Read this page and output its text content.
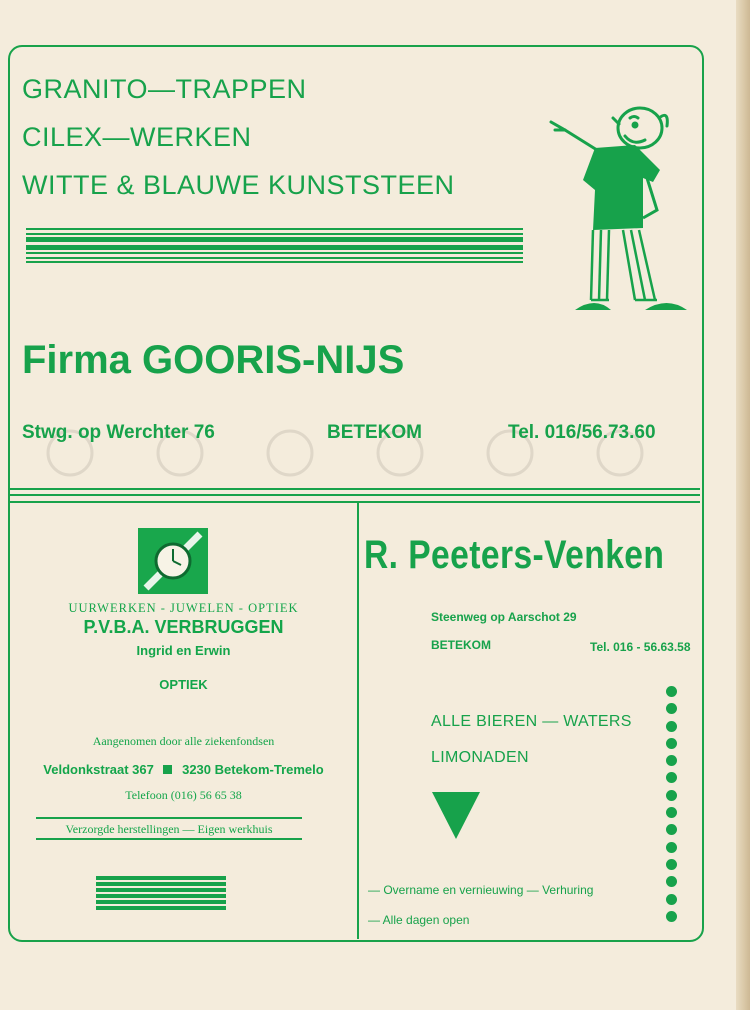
GRANITO—TRAPPEN
CILEX—WERKEN
WITTE & BLAUWE KUNSTSTEEN
Firma GOORIS-NIJS
Stwg. op Werchter 76	BETEKOM	Tel. 016/56.73.60
UURWERKEN - JUWELEN - OPTIEK
P.V.B.A. VERBRUGGEN
Ingrid en Erwin
OPTIEK
Aangenomen door alle ziekenfondsen
Veldonkstraat 367 3230 Betekom-Tremelo
Telefoon (016) 56 65 38
Verzorgde herstellingen — Eigen werkhuis
R. Peeters-Venken
Steenweg op Aarschot 29
BETEKOM	Tel. 016 - 56.63.58
ALLE BIEREN — WATERS
LIMONADEN
— Overname en vernieuwing — Verhuring
— Alle dagen open
